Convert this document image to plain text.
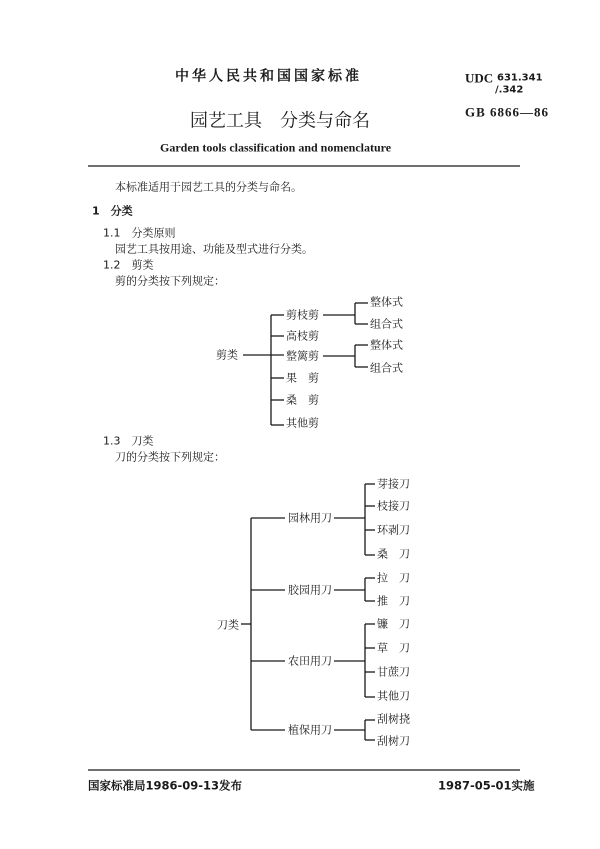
中华人民共和国国家标准	UDC 631.341
/.342
GB 6866—86
园艺工具　分类与命名
Garden tools classification and nomenclature
本标准适用于园艺工具的分类与命名。
1　分类
1.1　分类原则
园艺工具按用途、功能及型式进行分类。
1.2　剪类
剪的分类按下列规定：
剪类
剪枝剪
高枝剪
整篱剪
果　剪
桑　剪
其他剪
整体式
组合式
整体式
组合式
1.3　刀类
刀的分类按下列规定：
刀类
园林用刀
胶园用刀
农田用刀
植保用刀
芽接刀
枝接刀
环剥刀
桑　刀
拉　刀
推　刀
镰　刀
草　刀
甘蔗刀
其他刀
刮树挠
刮树刀
国家标准局1986-09-13发布	1987-05-01实施
